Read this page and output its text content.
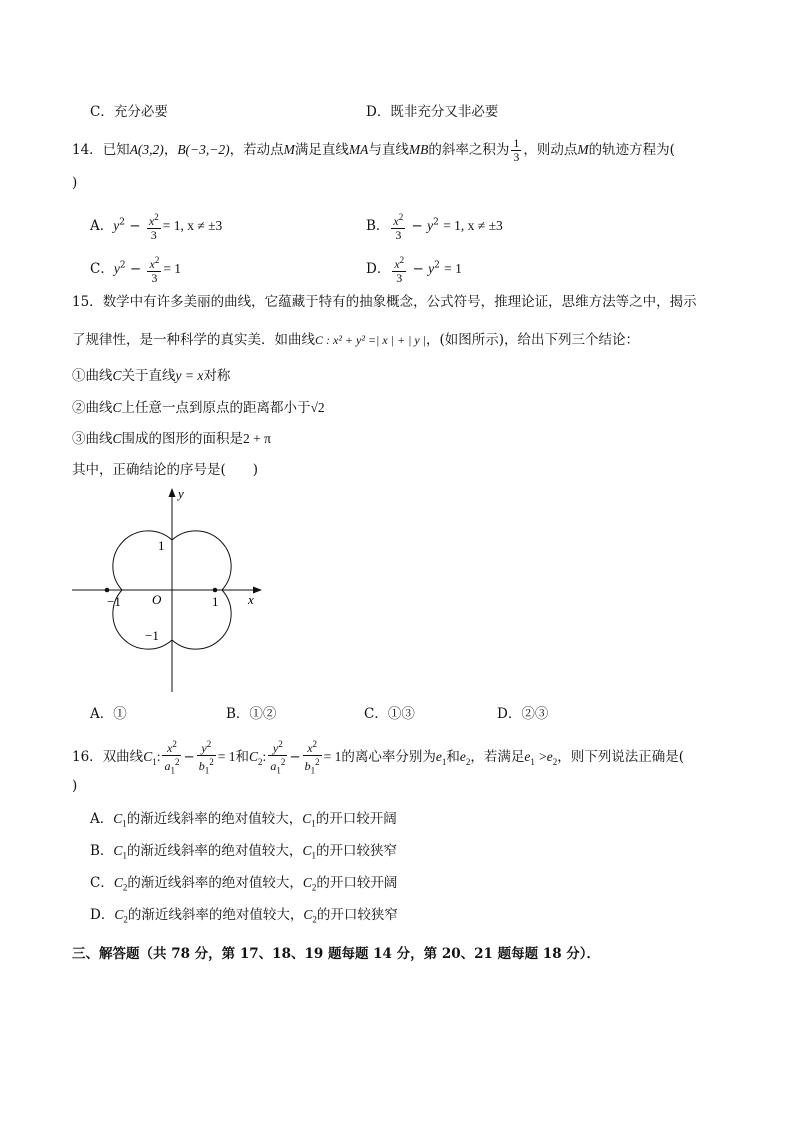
C．充分必要	D．既非充分又非必要
14．已知A(3,2)，B(−3,−2)，若动点M满足直线MA与直线MB的斜率之积为 $\frac{1}{3}$ ，则动点M的轨迹方程为(
)
A．$y^2 - \frac{x^2}{3} = 1$, x ≠ ±3	B． $\frac{x^2}{3} - y^2 = 1$, x ≠ ±3
C．$y^2 - \frac{x^2}{3} = 1$	D． $\frac{x^2}{3} - y^2 = 1$
15．数学中有许多美丽的曲线，它蕴藏于特有的抽象概念，公式符号，推理论证，思维方法等之中，揭示
了规律性，是一种科学的真实美．如曲线C : x² + y² =| x | + | y |，(如图所示)，给出下列三个结论：
①曲线C关于直线y = x对称
②曲线C上任意一点到原点的距离都小于√2
③曲线C围成的图形的面积是2 + π
其中，正确结论的序号是(　　)
y
x
O
1
−1
1
−1
A．①	B．①②	C．①③	D．②③
16．双曲线$C_1$: $\frac{x^2}{a_1^2} - \frac{y^2}{b_1^2} = 1$和$C_2$: $\frac{y^2}{a_1^2} - \frac{x^2}{b_1^2} = 1$的离心率分别为$e_1$和$e_2$，若满足$e_1 >e_2$，则下列说法正确是(
)
A．$C_1$的渐近线斜率的绝对值较大，$C_1$的开口较开阔
B．$C_1$的渐近线斜率的绝对值较大，$C_1$的开口较狭窄
C．$C_2$的渐近线斜率的绝对值较大，$C_2$的开口较开阔
D．$C_2$的渐近线斜率的绝对值较大，$C_2$的开口较狭窄
三、解答题（共 78 分，第 17、18、19 题每题 14 分，第 20、21 题每题 18 分）．
